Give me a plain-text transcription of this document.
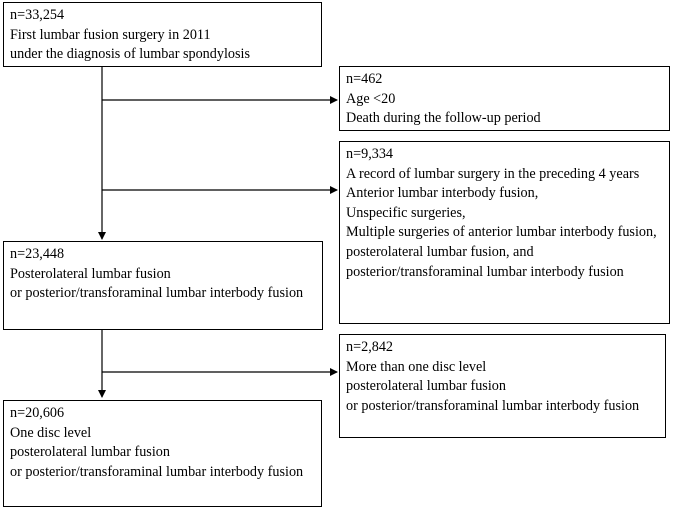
n=33,254
First lumbar fusion surgery in 2011
under the diagnosis of lumbar spondylosis
n=462
Age <20
Death during the follow-up period
n=9,334
A record of lumbar surgery in the preceding 4 years
Anterior lumbar interbody fusion,
Unspecific surgeries,
Multiple surgeries of anterior lumbar interbody fusion, posterolateral lumbar fusion, and posterior/transforaminal lumbar interbody fusion
n=23,448
Posterolateral lumbar fusion
or posterior/transforaminal lumbar interbody fusion
n=2,842
More than one disc level
posterolateral lumbar fusion
or posterior/transforaminal lumbar interbody fusion
n=20,606
One disc level
posterolateral lumbar fusion
or posterior/transforaminal lumbar interbody fusion
